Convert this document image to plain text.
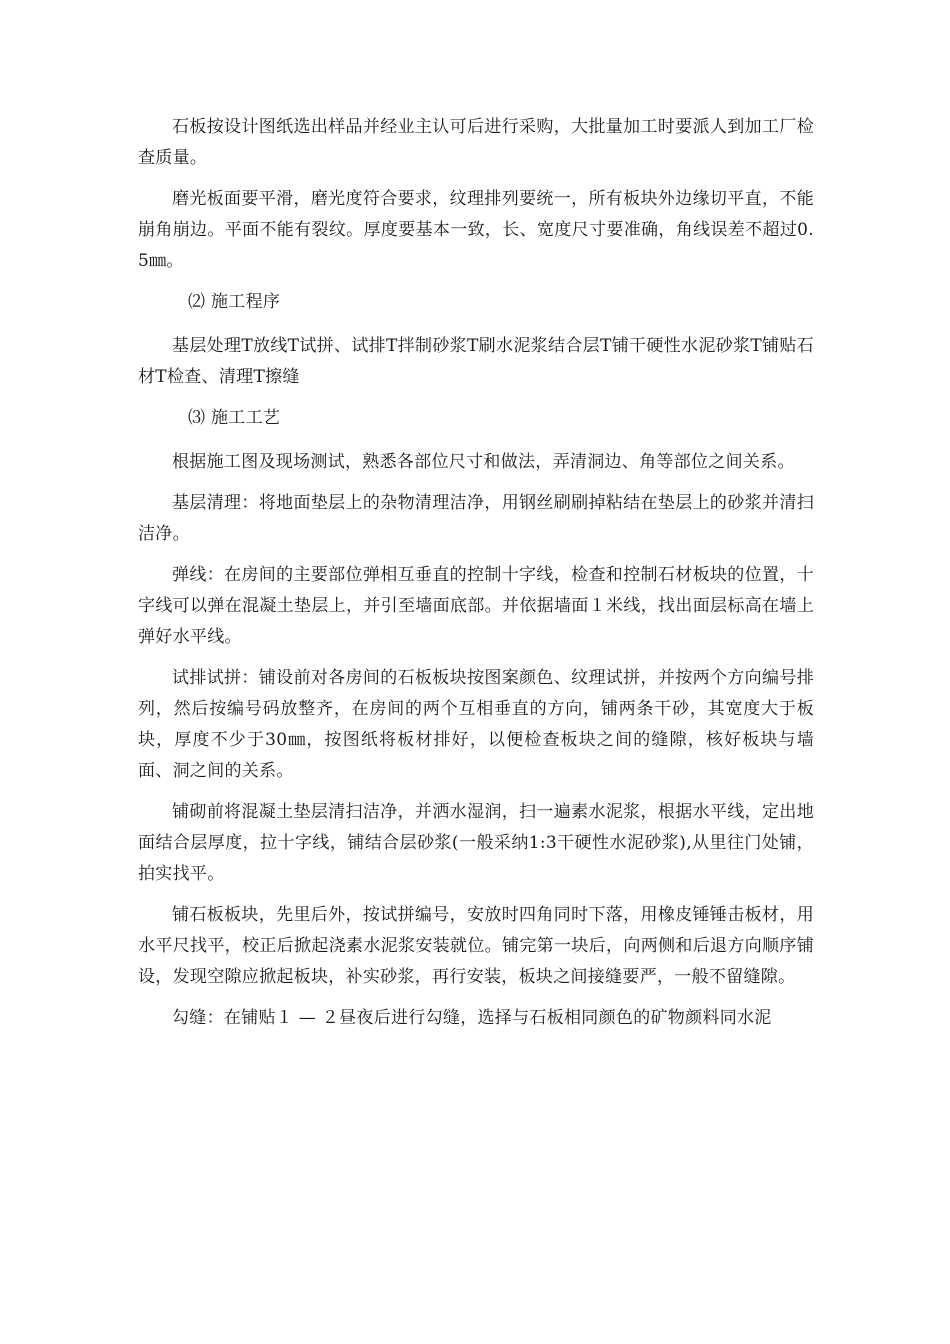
石板按设计图纸选出样品并经业主认可后进行采购，大批量加工时要派人到加工厂检查质量。

磨光板面要平滑，磨光度符合要求，纹理排列要统一，所有板块外边缘切平直，不能崩角崩边。平面不能有裂纹。厚度要基本一致，长、宽度尺寸要准确，角线误差不超过0.5㎜。

⑵ 施工程序

基层处理T放线T试拼、试排T拌制砂浆T刷水泥浆结合层T铺干硬性水泥砂浆T铺贴石材T检查、清理T擦缝

⑶ 施工工艺

根据施工图及现场测试，熟悉各部位尺寸和做法，弄清洞边、角等部位之间关系。

基层清理：将地面垫层上的杂物清理洁净，用钢丝刷刷掉粘结在垫层上的砂浆并清扫洁净。

弹线：在房间的主要部位弹相互垂直的控制十字线，检查和控制石材板块的位置，十字线可以弹在混凝土垫层上，并引至墙面底部。并依据墙面１米线，找出面层标高在墙上弹好水平线。

试排试拼：铺设前对各房间的石板板块按图案颜色、纹理试拼，并按两个方向编号排列，然后按编号码放整齐，在房间的两个互相垂直的方向，铺两条干砂，其宽度大于板块，厚度不少于30㎜，按图纸将板材排好，以便检查板块之间的缝隙，核好板块与墙面、洞之间的关系。

铺砌前将混凝土垫层清扫洁净，并洒水湿润，扫一遍素水泥浆，根据水平线，定出地面结合层厚度，拉十字线，铺结合层砂浆(一般采纳1:3干硬性水泥砂浆),从里往门处铺，拍实找平。

铺石板板块，先里后外，按试拼编号，安放时四角同时下落，用橡皮锤锤击板材，用水平尺找平，校正后掀起浇素水泥浆安装就位。铺完第一块后，向两侧和后退方向顺序铺设，发现空隙应掀起板块，补实砂浆，再行安装，板块之间接缝要严，一般不留缝隙。

勾缝：在铺贴１ — ２昼夜后进行勾缝，选择与石板相同颜色的矿物颜料同水泥
